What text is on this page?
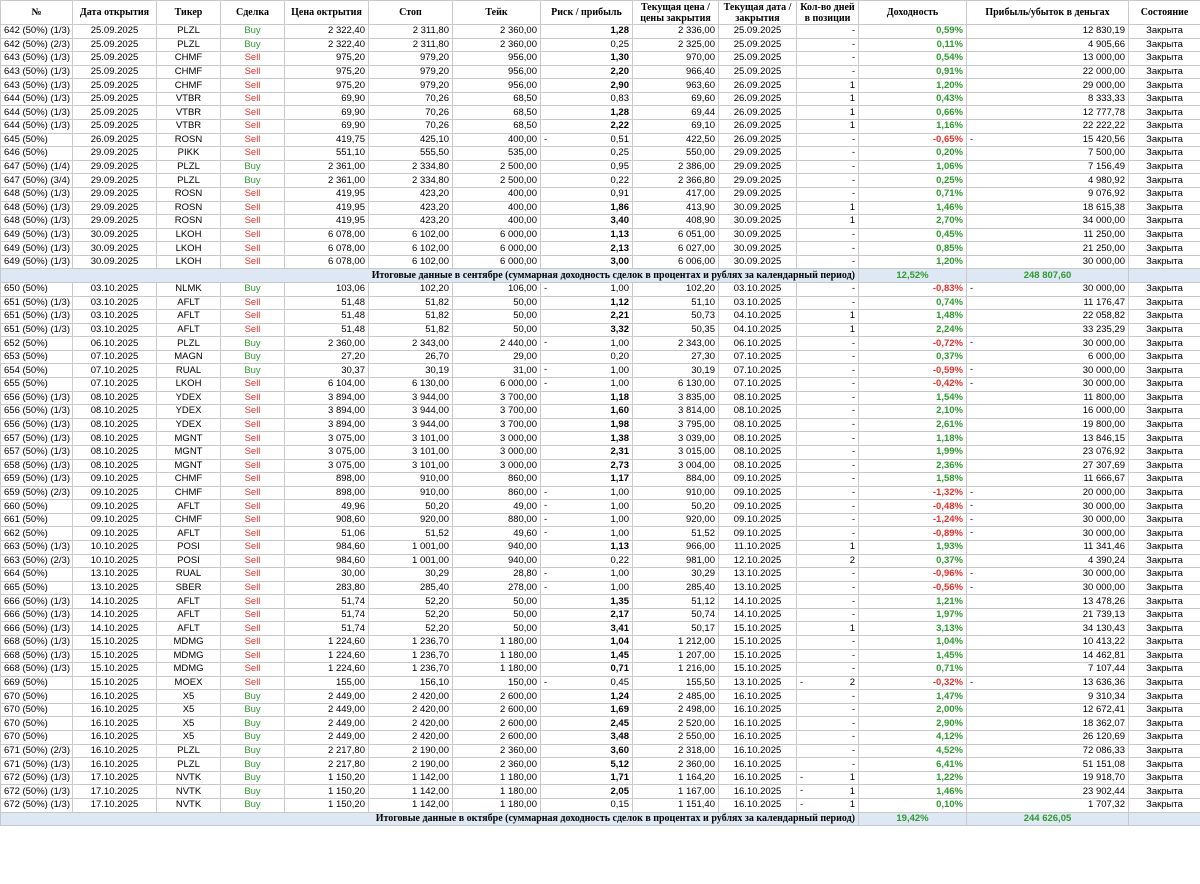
№	Дата открытия	Тикер	Сделка	Цена октрытия	Стоп	Тейк	Риск / прибыль	Текущая цена / цены закрытия	Текущая дата / закрытия	Кол-во дней в позиции	Доходность	Прибыль/убыток в деньгах	Состояние
642 (50%) (1/3)	25.09.2025	PLZL	Buy	2 322,40	2 311,80	2 360,00	1,28	2 336,00	25.09.2025	-	0,59%	12 830,19	Закрыта
642 (50%) (2/3)	25.09.2025	PLZL	Buy	2 322,40	2 311,80	2 360,00	0,25	2 325,00	25.09.2025	-	0,11%	4 905,66	Закрыта
643 (50%) (1/3)	25.09.2025	CHMF	Sell	975,20	979,20	956,00	1,30	970,00	25.09.2025	-	0,54%	13 000,00	Закрыта
643 (50%) (1/3)	25.09.2025	CHMF	Sell	975,20	979,20	956,00	2,20	966,40	25.09.2025	-	0,91%	22 000,00	Закрыта
643 (50%) (1/3)	25.09.2025	CHMF	Sell	975,20	979,20	956,00	2,90	963,60	26.09.2025	1	1,20%	29 000,00	Закрыта
644 (50%) (1/3)	25.09.2025	VTBR	Sell	69,90	70,26	68,50	0,83	69,60	26.09.2025	1	0,43%	8 333,33	Закрыта
644 (50%) (1/3)	25.09.2025	VTBR	Sell	69,90	70,26	68,50	1,28	69,44	26.09.2025	1	0,66%	12 777,78	Закрыта
644 (50%) (1/3)	25.09.2025	VTBR	Sell	69,90	70,26	68,50	2,22	69,10	26.09.2025	1	1,16%	22 222,22	Закрыта
645 (50%)	26.09.2025	ROSN	Sell	419,75	425,10	400,00	- 0,51	422,50	26.09.2025	-	-0,65%	- 15 420,56	Закрыта
646 (50%)	29.09.2025	PIKK	Sell	551,10	555,50	535,00	0,25	550,00	29.09.2025	-	0,20%	7 500,00	Закрыта
647 (50%) (1/4)	29.09.2025	PLZL	Buy	2 361,00	2 334,80	2 500,00	0,95	2 386,00	29.09.2025	-	1,06%	7 156,49	Закрыта
647 (50%) (3/4)	29.09.2025	PLZL	Buy	2 361,00	2 334,80	2 500,00	0,22	2 366,80	29.09.2025	-	0,25%	4 980,92	Закрыта
648 (50%) (1/3)	29.09.2025	ROSN	Sell	419,95	423,20	400,00	0,91	417,00	29.09.2025	-	0,71%	9 076,92	Закрыта
648 (50%) (1/3)	29.09.2025	ROSN	Sell	419,95	423,20	400,00	1,86	413,90	30.09.2025	1	1,46%	18 615,38	Закрыта
648 (50%) (1/3)	29.09.2025	ROSN	Sell	419,95	423,20	400,00	3,40	408,90	30.09.2025	1	2,70%	34 000,00	Закрыта
649 (50%) (1/3)	30.09.2025	LKOH	Sell	6 078,00	6 102,00	6 000,00	1,13	6 051,00	30.09.2025	-	0,45%	11 250,00	Закрыта
649 (50%) (1/3)	30.09.2025	LKOH	Sell	6 078,00	6 102,00	6 000,00	2,13	6 027,00	30.09.2025	-	0,85%	21 250,00	Закрыта
649 (50%) (1/3)	30.09.2025	LKOH	Sell	6 078,00	6 102,00	6 000,00	3,00	6 006,00	30.09.2025	-	1,20%	30 000,00	Закрыта
Итоговые данные в сентябре (суммарная доходность сделок в процентах и рублях за календарный период)											12,52%	248 807,60	
650 (50%)	03.10.2025	NLMK	Buy	103,06	102,20	106,00	- 1,00	102,20	03.10.2025	-	-0,83%	- 30 000,00	Закрыта
651 (50%) (1/3)	03.10.2025	AFLT	Sell	51,48	51,82	50,00	1,12	51,10	03.10.2025	-	0,74%	11 176,47	Закрыта
651 (50%) (1/3)	03.10.2025	AFLT	Sell	51,48	51,82	50,00	2,21	50,73	04.10.2025	1	1,48%	22 058,82	Закрыта
651 (50%) (1/3)	03.10.2025	AFLT	Sell	51,48	51,82	50,00	3,32	50,35	04.10.2025	1	2,24%	33 235,29	Закрыта
652 (50%)	06.10.2025	PLZL	Buy	2 360,00	2 343,00	2 440,00	- 1,00	2 343,00	06.10.2025	-	-0,72%	- 30 000,00	Закрыта
653 (50%)	07.10.2025	MAGN	Buy	27,20	26,70	29,00	0,20	27,30	07.10.2025	-	0,37%	6 000,00	Закрыта
654 (50%)	07.10.2025	RUAL	Buy	30,37	30,19	31,00	- 1,00	30,19	07.10.2025	-	-0,59%	- 30 000,00	Закрыта
655 (50%)	07.10.2025	LKOH	Sell	6 104,00	6 130,00	6 000,00	- 1,00	6 130,00	07.10.2025	-	-0,42%	- 30 000,00	Закрыта
656 (50%) (1/3)	08.10.2025	YDEX	Sell	3 894,00	3 944,00	3 700,00	1,18	3 835,00	08.10.2025	-	1,54%	11 800,00	Закрыта
656 (50%) (1/3)	08.10.2025	YDEX	Sell	3 894,00	3 944,00	3 700,00	1,60	3 814,00	08.10.2025	-	2,10%	16 000,00	Закрыта
656 (50%) (1/3)	08.10.2025	YDEX	Sell	3 894,00	3 944,00	3 700,00	1,98	3 795,00	08.10.2025	-	2,61%	19 800,00	Закрыта
657 (50%) (1/3)	08.10.2025	MGNT	Sell	3 075,00	3 101,00	3 000,00	1,38	3 039,00	08.10.2025	-	1,18%	13 846,15	Закрыта
657 (50%) (1/3)	08.10.2025	MGNT	Sell	3 075,00	3 101,00	3 000,00	2,31	3 015,00	08.10.2025	-	1,99%	23 076,92	Закрыта
658 (50%) (1/3)	08.10.2025	MGNT	Sell	3 075,00	3 101,00	3 000,00	2,73	3 004,00	08.10.2025	-	2,36%	27 307,69	Закрыта
659 (50%) (1/3)	09.10.2025	CHMF	Sell	898,00	910,00	860,00	1,17	884,00	09.10.2025	-	1,58%	11 666,67	Закрыта
659 (50%) (2/3)	09.10.2025	CHMF	Sell	898,00	910,00	860,00	- 1,00	910,00	09.10.2025	-	-1,32%	- 20 000,00	Закрыта
660 (50%)	09.10.2025	AFLT	Sell	49,96	50,20	49,00	- 1,00	50,20	09.10.2025	-	-0,48%	- 30 000,00	Закрыта
661 (50%)	09.10.2025	CHMF	Sell	908,60	920,00	880,00	- 1,00	920,00	09.10.2025	-	-1,24%	- 30 000,00	Закрыта
662 (50%)	09.10.2025	AFLT	Sell	51,06	51,52	49,60	- 1,00	51,52	09.10.2025	-	-0,89%	- 30 000,00	Закрыта
663 (50%) (1/3)	10.10.2025	POSI	Sell	984,60	1 001,00	940,00	1,13	966,00	11.10.2025	1	1,93%	11 341,46	Закрыта
663 (50%) (2/3)	10.10.2025	POSI	Sell	984,60	1 001,00	940,00	0,22	981,00	12.10.2025	2	0,37%	4 390,24	Закрыта
664 (50%)	13.10.2025	RUAL	Sell	30,00	30,29	28,80	- 1,00	30,29	13.10.2025	-	-0,96%	- 30 000,00	Закрыта
665 (50%)	13.10.2025	SBER	Sell	283,80	285,40	278,00	- 1,00	285,40	13.10.2025	-	-0,56%	- 30 000,00	Закрыта
666 (50%) (1/3)	14.10.2025	AFLT	Sell	51,74	52,20	50,00	1,35	51,12	14.10.2025	-	1,21%	13 478,26	Закрыта
666 (50%) (1/3)	14.10.2025	AFLT	Sell	51,74	52,20	50,00	2,17	50,74	14.10.2025	-	1,97%	21 739,13	Закрыта
666 (50%) (1/3)	14.10.2025	AFLT	Sell	51,74	52,20	50,00	3,41	50,17	15.10.2025	1	3,13%	34 130,43	Закрыта
668 (50%) (1/3)	15.10.2025	MDMG	Sell	1 224,60	1 236,70	1 180,00	1,04	1 212,00	15.10.2025	-	1,04%	10 413,22	Закрыта
668 (50%) (1/3)	15.10.2025	MDMG	Sell	1 224,60	1 236,70	1 180,00	1,45	1 207,00	15.10.2025	-	1,45%	14 462,81	Закрыта
668 (50%) (1/3)	15.10.2025	MDMG	Sell	1 224,60	1 236,70	1 180,00	0,71	1 216,00	15.10.2025	-	0,71%	7 107,44	Закрыта
669 (50%)	15.10.2025	MOEX	Sell	155,00	156,10	150,00	- 0,45	155,50	13.10.2025	- 2	-0,32%	- 13 636,36	Закрыта
670 (50%)	16.10.2025	X5	Buy	2 449,00	2 420,00	2 600,00	1,24	2 485,00	16.10.2025	-	1,47%	9 310,34	Закрыта
670 (50%)	16.10.2025	X5	Buy	2 449,00	2 420,00	2 600,00	1,69	2 498,00	16.10.2025	-	2,00%	12 672,41	Закрыта
670 (50%)	16.10.2025	X5	Buy	2 449,00	2 420,00	2 600,00	2,45	2 520,00	16.10.2025	-	2,90%	18 362,07	Закрыта
670 (50%)	16.10.2025	X5	Buy	2 449,00	2 420,00	2 600,00	3,48	2 550,00	16.10.2025	-	4,12%	26 120,69	Закрыта
671 (50%) (2/3)	16.10.2025	PLZL	Buy	2 217,80	2 190,00	2 360,00	3,60	2 318,00	16.10.2025	-	4,52%	72 086,33	Закрыта
671 (50%) (1/3)	16.10.2025	PLZL	Buy	2 217,80	2 190,00	2 360,00	5,12	2 360,00	16.10.2025	-	6,41%	51 151,08	Закрыта
672 (50%) (1/3)	17.10.2025	NVTK	Buy	1 150,20	1 142,00	1 180,00	1,71	1 164,20	16.10.2025	- 1	1,22%	19 918,70	Закрыта
672 (50%) (1/3)	17.10.2025	NVTK	Buy	1 150,20	1 142,00	1 180,00	2,05	1 167,00	16.10.2025	- 1	1,46%	23 902,44	Закрыта
672 (50%) (1/3)	17.10.2025	NVTK	Buy	1 150,20	1 142,00	1 180,00	0,15	1 151,40	16.10.2025	- 1	0,10%	1 707,32	Закрыта
Итоговые данные в октябре (суммарная доходность сделок в процентах и рублях за календарный период)											19,42%	244 626,05	
